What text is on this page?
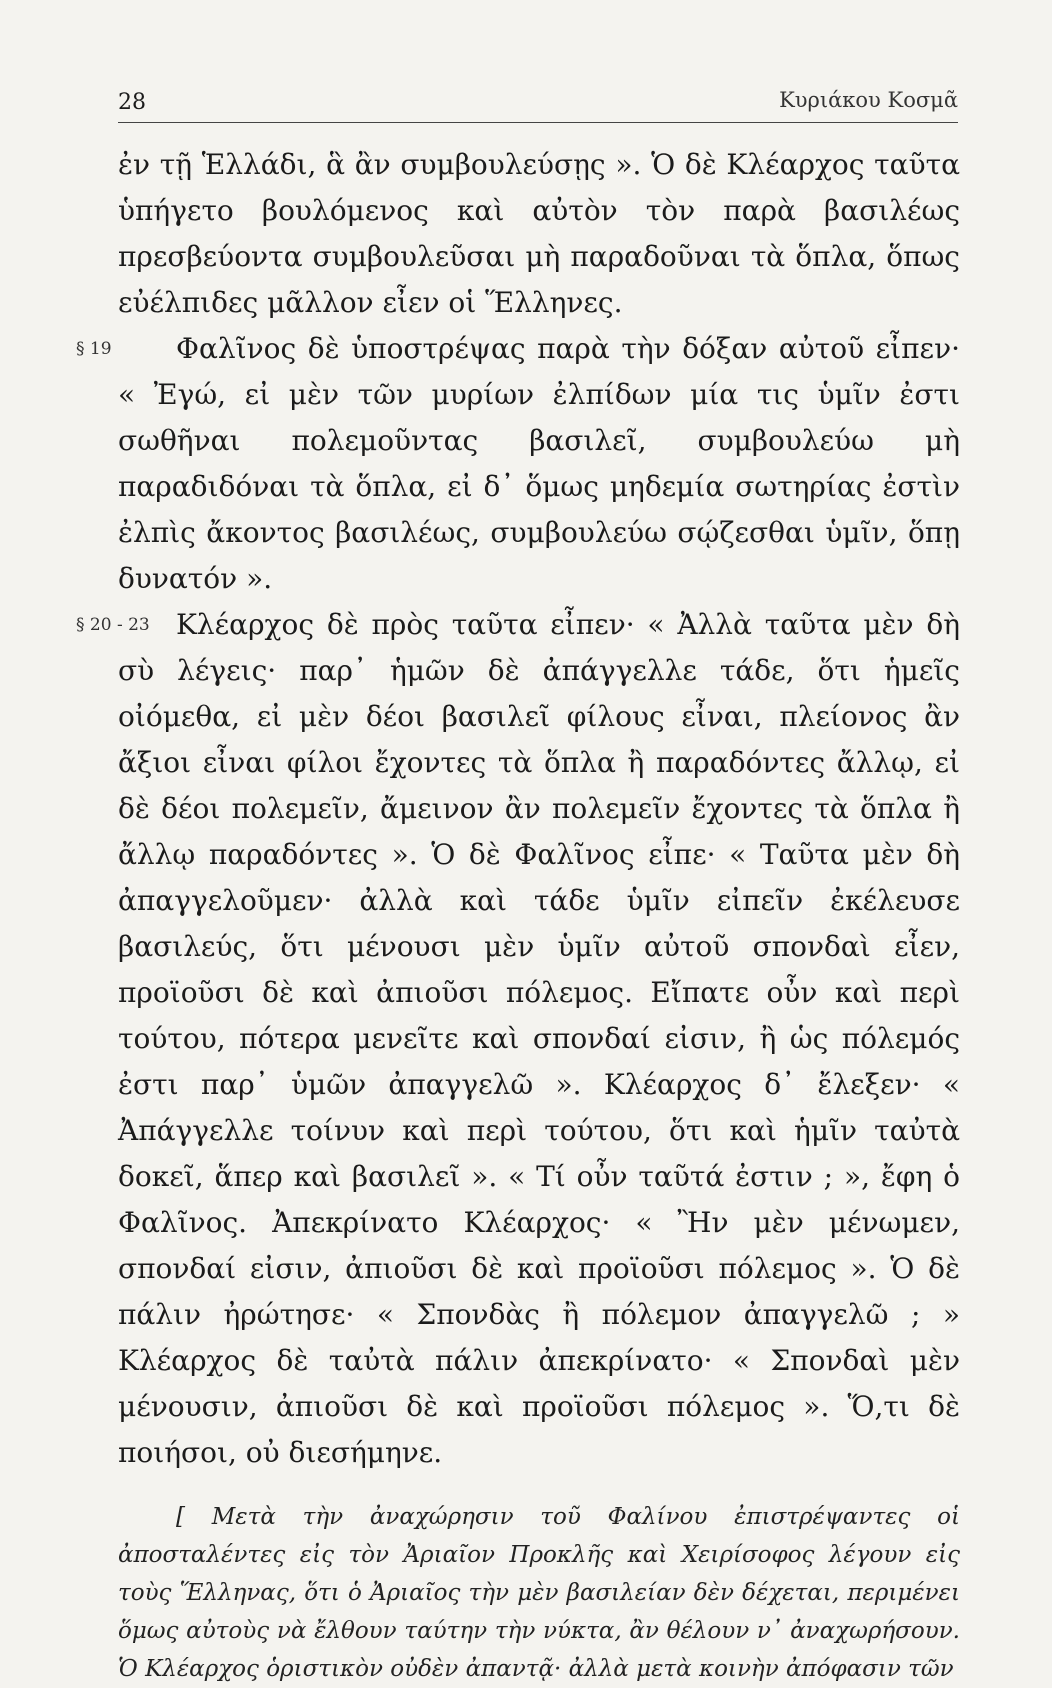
28	Κυριάκου Κοσμᾶ
ἐν τῇ Ἑλλάδι, ἃ ἂν συμβουλεύσῃς ». Ὁ δὲ Κλέαρχος ταῦτα ὑπήγετο βουλόμενος καὶ αὐτὸν τὸν παρὰ βασιλέως πρεσβεύοντα συμβουλεῦσαι μὴ παραδοῦναι τὰ ὅπλα, ὅπως εὐέλπιδες μᾶλλον εἶεν οἱ Ἕλληνες.
§ 19	Φαλῖνος δὲ ὑποστρέψας παρὰ τὴν δόξαν αὐτοῦ εἶπεν· « Ἐγώ, εἰ μὲν τῶν μυρίων ἐλπίδων μία τις ὑμῖν ἐστι σωθῆναι πολεμοῦντας βασιλεῖ, συμβουλεύω μὴ παραδιδόναι τὰ ὅπλα, εἰ δ᾽ ὅμως μηδεμία σωτηρίας ἐστὶν ἐλπὶς ἄκοντος βασιλέως, συμβουλεύω σῴζεσθαι ὑμῖν, ὅπῃ δυνατόν ».
§ 20 - 23 Κλέαρχος δὲ πρὸς ταῦτα εἶπεν· « Ἀλλὰ ταῦτα μὲν δὴ σὺ λέγεις· παρ᾽ ἡμῶν δὲ ἀπάγγελλε τάδε, ὅτι ἡμεῖς οἰόμεθα, εἰ μὲν δέοι βασιλεῖ φίλους εἶναι, πλείονος ἂν ἄξιοι εἶναι φίλοι ἔχοντες τὰ ὅπλα ἢ παραδόντες ἄλλῳ, εἰ δὲ δέοι πολεμεῖν, ἄμεινον ἂν πολεμεῖν ἔχοντες τὰ ὅπλα ἢ ἄλλῳ παραδόντες ». Ὁ δὲ Φαλῖνος εἶπε· « Ταῦτα μὲν δὴ ἀπαγγελοῦμεν· ἀλλὰ καὶ τάδε ὑμῖν εἰπεῖν ἐκέλευσε βασιλεύς, ὅτι μένουσι μὲν ὑμῖν αὐτοῦ σπονδαὶ εἶεν, προϊοῦσι δὲ καὶ ἀπιοῦσι πόλεμος. Εἴπατε οὖν καὶ περὶ τούτου, πότερα μενεῖτε καὶ σπονδαί εἰσιν, ἢ ὡς πόλεμός ἐστι παρ᾽ ὑμῶν ἀπαγγελῶ ». Κλέαρχος δ᾽ ἔλεξεν· « Ἀπάγγελλε τοίνυν καὶ περὶ τούτου, ὅτι καὶ ἡμῖν ταὐτὰ δοκεῖ, ἅπερ καὶ βασιλεῖ ». « Τί οὖν ταῦτά ἐστιν ; », ἔφη ὁ Φαλῖνος. Ἀπεκρίνατο Κλέαρχος· « Ἢν μὲν μένωμεν, σπονδαί εἰσιν, ἀπιοῦσι δὲ καὶ προϊοῦσι πόλεμος ». Ὁ δὲ πάλιν ἠρώτησε· « Σπονδὰς ἢ πόλεμον ἀπαγγελῶ ; » Κλέαρχος δὲ ταὐτὰ πάλιν ἀπεκρίνατο· « Σπονδαὶ μὲν μένουσιν, ἀπιοῦσι δὲ καὶ προϊοῦσι πόλεμος ». Ὅ,τι δὲ ποιήσοι, οὐ διεσήμηνε.
[ Μετὰ τὴν ἀναχώρησιν τοῦ Φαλίνου ἐπιστρέψαντες οἱ ἀποσταλέντες εἰς τὸν Ἀριαῖον Προκλῆς καὶ Χειρίσοφος λέγουν εἰς τοὺς Ἕλληνας, ὅτι ὁ Ἀριαῖος τὴν μὲν βασιλείαν δὲν δέχεται, περιμένει ὅμως αὐτοὺς νὰ ἔλθουν ταύτην τὴν νύκτα, ἂν θέλουν ν᾽ ἀναχωρήσουν. Ὁ Κλέαρχος ὁριστικὸν οὐδὲν ἀπαντᾷ· ἀλλὰ μετὰ κοινὴν ἀπόφασιν τῶν
